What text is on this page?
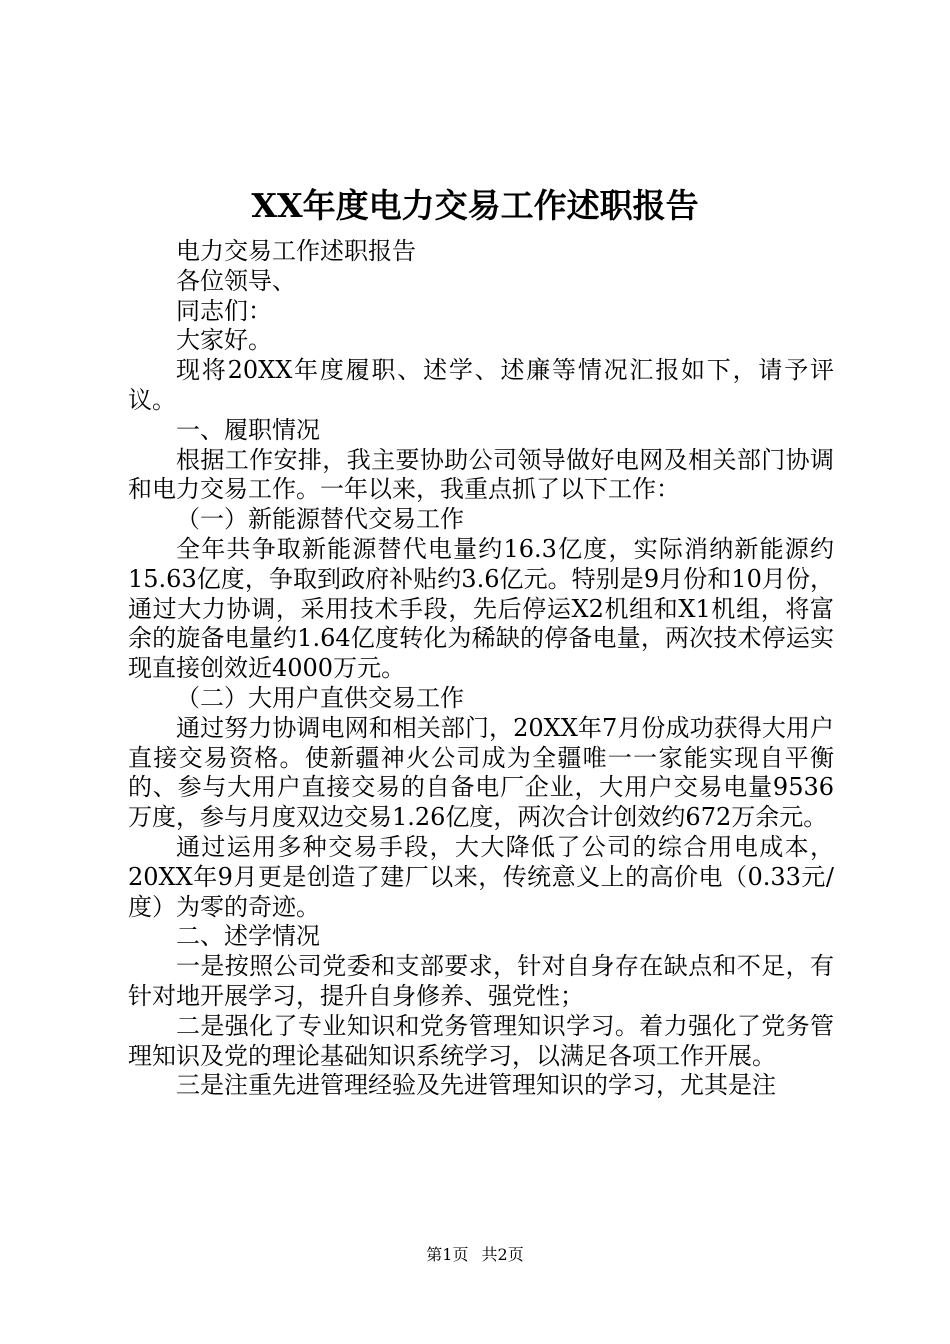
XX年度电力交易工作述职报告

电力交易工作述职报告

各位领导、

同志们：

大家好。

现将20XX年度履职、述学、述廉等情况汇报如下，请予评议。

一、履职情况

根据工作安排，我主要协助公司领导做好电网及相关部门协调和电力交易工作。一年以来，我重点抓了以下工作：

（一）新能源替代交易工作

全年共争取新能源替代电量约16.3亿度，实际消纳新能源约15.63亿度，争取到政府补贴约3.6亿元。特别是9月份和10月份，通过大力协调，采用技术手段，先后停运X2机组和X1机组，将富余的旋备电量约1.64亿度转化为稀缺的停备电量，两次技术停运实现直接创效近4000万元。

（二）大用户直供交易工作

通过努力协调电网和相关部门，20XX年7月份成功获得大用户直接交易资格。使新疆神火公司成为全疆唯一一家能实现自平衡的、参与大用户直接交易的自备电厂企业，大用户交易电量9536万度，参与月度双边交易1.26亿度，两次合计创效约672万余元。

通过运用多种交易手段，大大降低了公司的综合用电成本，20XX年9月更是创造了建厂以来，传统意义上的高价电（0.33元/度）为零的奇迹。

二、述学情况

一是按照公司党委和支部要求，针对自身存在缺点和不足，有针对地开展学习，提升自身修养、强党性；

二是强化了专业知识和党务管理知识学习。着力强化了党务管理知识及党的理论基础知识系统学习，以满足各项工作开展。

三是注重先进管理经验及先进管理知识的学习，尤其是注

第1页 共2页
